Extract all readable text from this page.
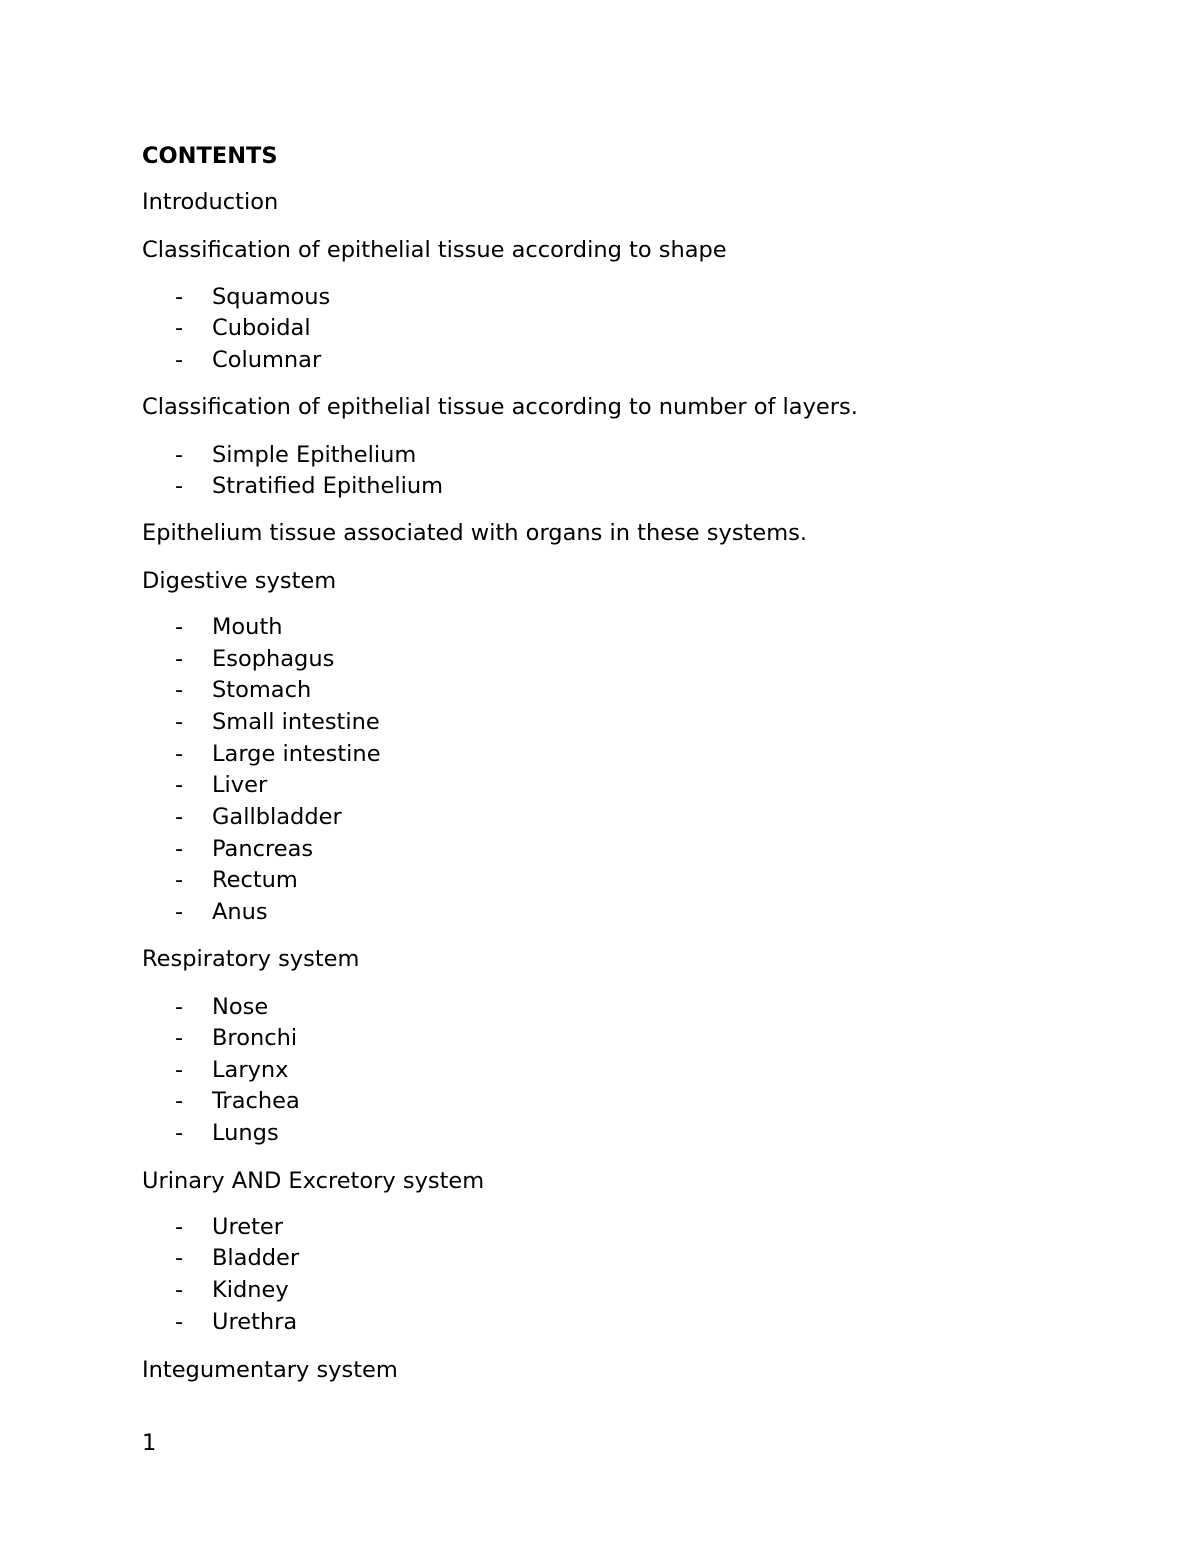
CONTENTS
Introduction
Classification of epithelial tissue according to shape
- Squamous
- Cuboidal
- Columnar
Classification of epithelial tissue according to number of layers.
- Simple Epithelium
- Stratified Epithelium
Epithelium tissue associated with organs in these systems.
Digestive system
- Mouth
- Esophagus
- Stomach
- Small intestine
- Large intestine
- Liver
- Gallbladder
- Pancreas
- Rectum
- Anus
Respiratory system
- Nose
- Bronchi
- Larynx
- Trachea
- Lungs
Urinary AND Excretory system
- Ureter
- Bladder
- Kidney
- Urethra
Integumentary system
1
